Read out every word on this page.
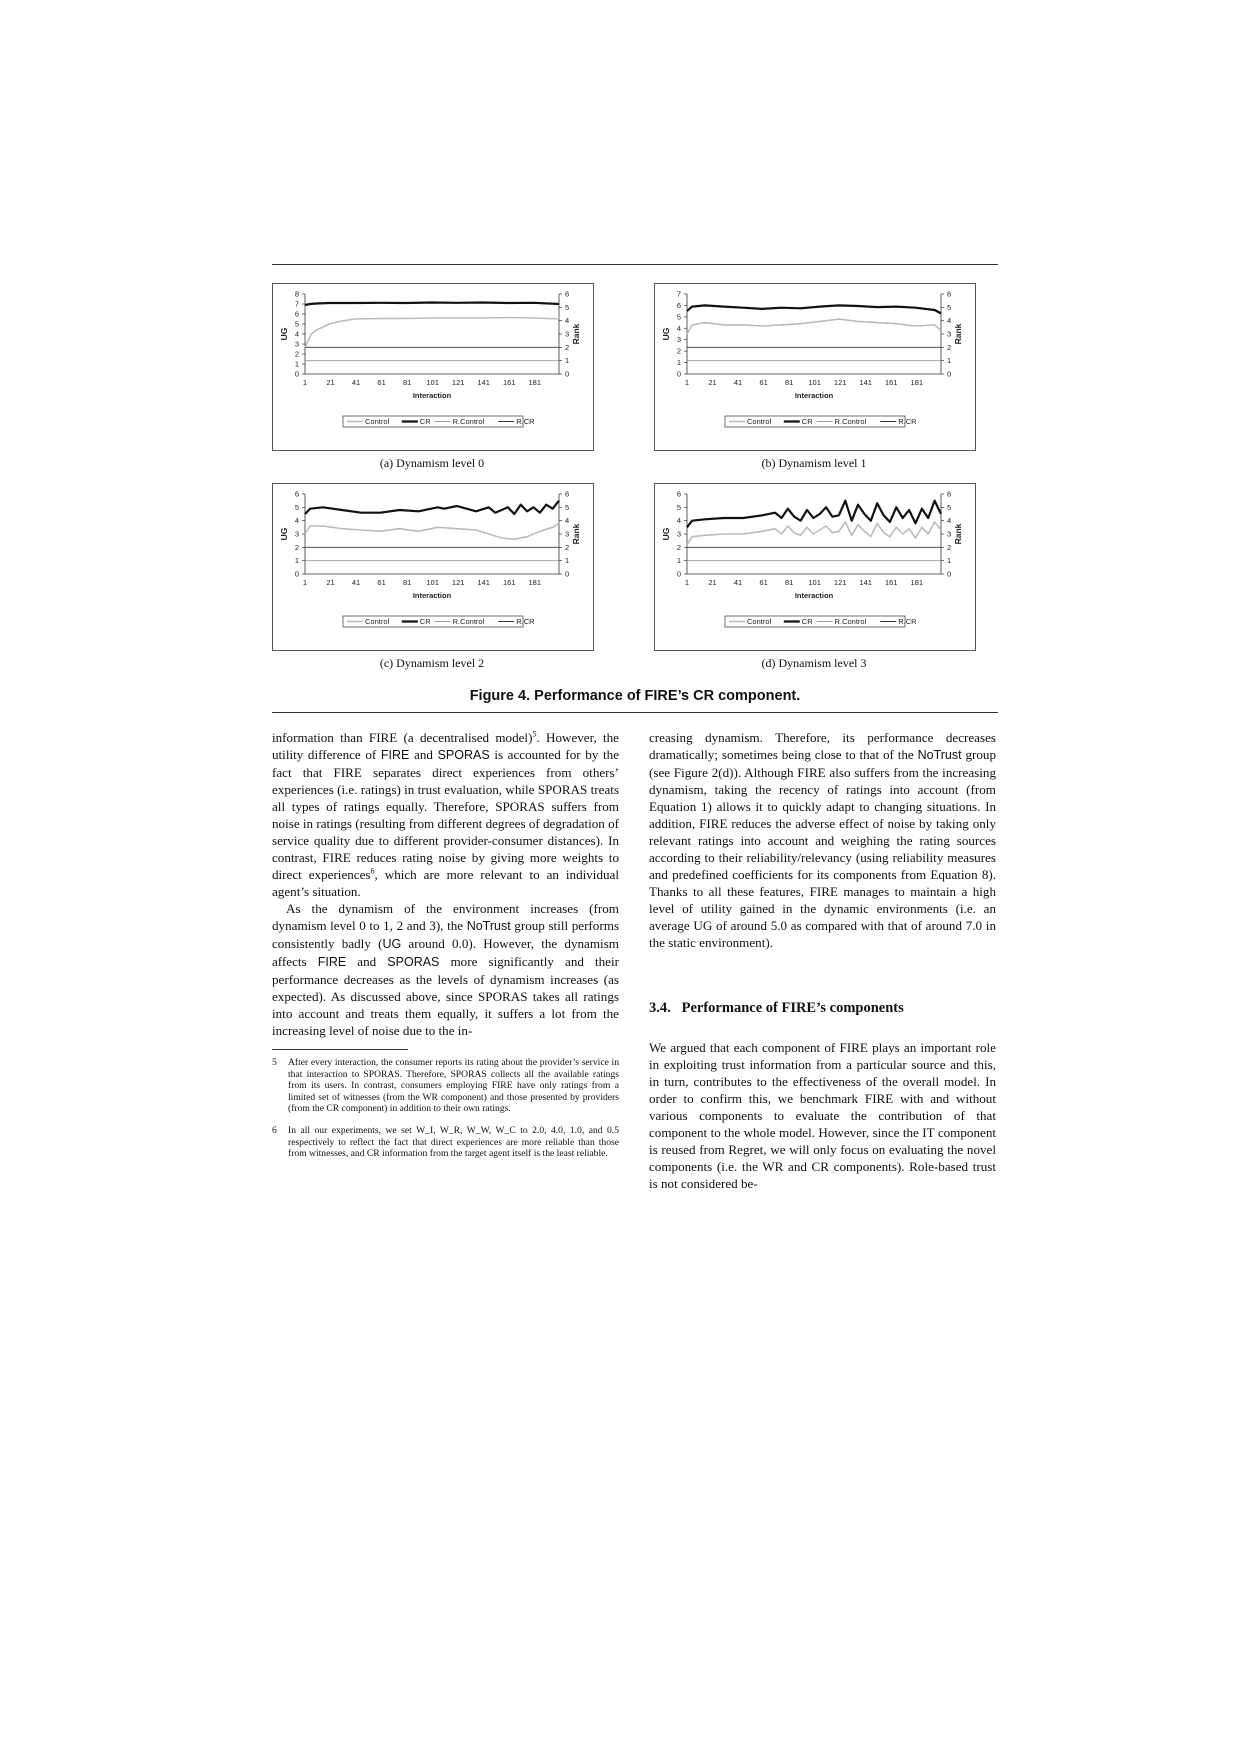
0
1
2
3
4
5
6
7
8
0
1
2
3
4
5
6
1	21 41 61 81 101 121 141 161 181
Interaction
UG	Rank
Control	CR	R.Control	R.CR
0
1
2
3
4
5
6
7
0
1
2
3
4
5
6
1	21 41 61 81 101 121 141 161 181
Interaction
UG	Rank
Control	CR	R.Control	R.CR
0
1
2
3
4
5
6
0
1
2
3
4
5
6
1	21 41 61 81 101 121 141 161 181
Interaction
UG	Rank
Control	CR	R.Control	R.CR
0
1
2
3
4
5
6
0
1
2
3
4
5
6
1	21 41 61 81 101 121 141 161 181
Interaction
UG	Rank
Control	CR	R.Control	R.CR
(a) Dynamism level 0	(b) Dynamism level 1
(c) Dynamism level 2	(d) Dynamism level 3
Figure 4. Performance of FIRE’s CR component.

information than FIRE (a decentralised model)$^5$. However, the utility difference of FIRE and SPORAS is accounted for by the fact that FIRE separates direct experiences from others’ experiences (i.e. ratings) in trust evaluation, while SPORAS treats all types of ratings equally. Therefore, SPORAS suffers from noise in ratings (resulting from different degrees of degradation of service quality due to different provider-consumer distances). In contrast, FIRE reduces rating noise by giving more weights to direct experiences$^6$, which are more relevant to an individual agent’s situation.

As the dynamism of the environment increases (from dynamism level 0 to 1, 2 and 3), the NoTrust group still performs consistently badly (UG around 0.0). However, the dynamism affects FIRE and SPORAS more significantly and their performance decreases as the levels of dynamism increases (as expected). As discussed above, since SPORAS takes all ratings into account and treats them equally, it suffers a lot from the increasing level of noise due to the in-

5 After every interaction, the consumer reports its rating about the provider’s service in that interaction to SPORAS. Therefore, SPORAS collects all the available ratings from its users. In contrast, consumers employing FIRE have only ratings from a limited set of witnesses (from the WR component) and those presented by providers (from the CR component) in addition to their own ratings.
6 In all our experiments, we set W_I, W_R, W_W, W_C to 2.0, 4.0, 1.0, and 0.5 respectively to reflect the fact that direct experiences are more reliable than those from witnesses, and CR information from the target agent itself is the least reliable.

creasing dynamism. Therefore, its performance decreases dramatically; sometimes being close to that of the NoTrust group (see Figure 2(d)). Although FIRE also suffers from the increasing dynamism, taking the recency of ratings into account (from Equation 1) allows it to quickly adapt to changing situations. In addition, FIRE reduces the adverse effect of noise by taking only relevant ratings into account and weighing the rating sources according to their reliability/relevancy (using reliability measures and predefined coefficients for its components from Equation 8). Thanks to all these features, FIRE manages to maintain a high level of utility gained in the dynamic environments (i.e. an average UG of around 5.0 as compared with that of around 7.0 in the static environment).

3.4.   Performance of FIRE’s components

We argued that each component of FIRE plays an important role in exploiting trust information from a particular source and this, in turn, contributes to the effectiveness of the overall model. In order to confirm this, we benchmark FIRE with and without various components to evaluate the contribution of that component to the whole model. However, since the IT component is reused from Regret, we will only focus on evaluating the novel components (i.e. the WR and CR components). Role-based trust is not considered be-
